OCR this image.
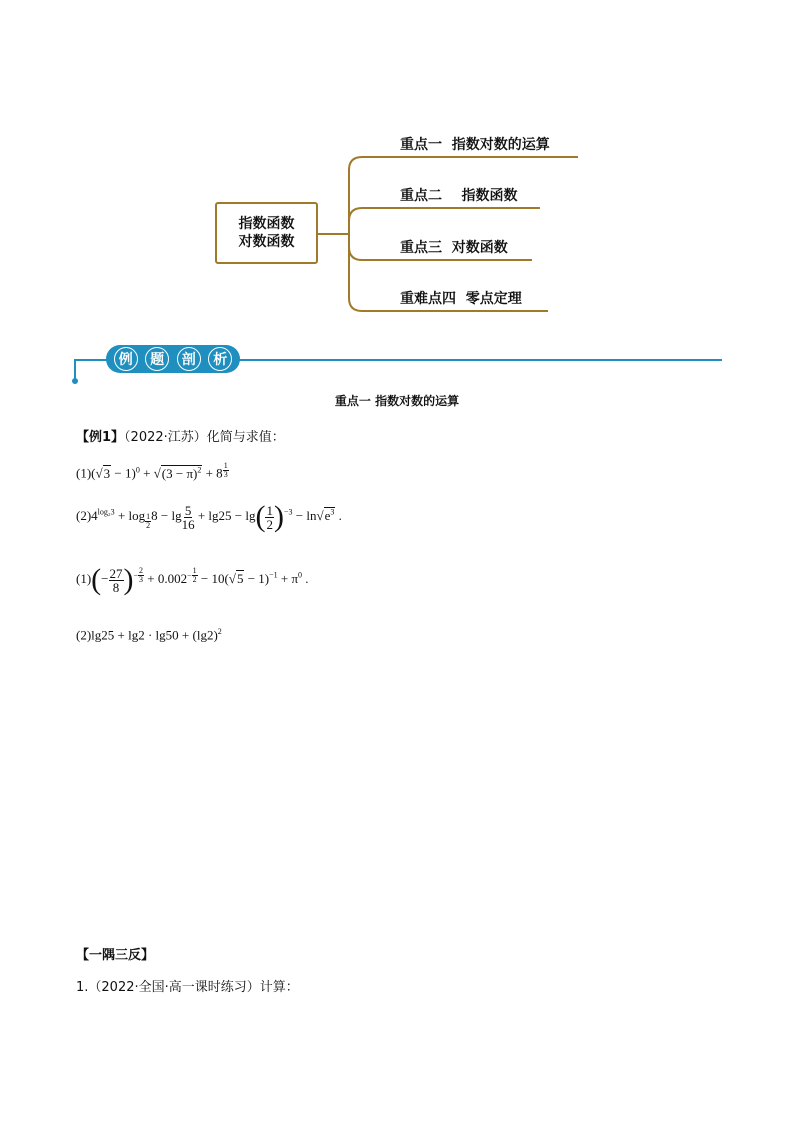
指数函数
对数函数
重点一  指数对数的运算
重点二    指数函数
重点三  对数函数
重难点四  零点定理
例	题	剖	析
重点一 指数对数的运算
【例1】（2022·江苏）化简与求值：
$(1)(√3 - 1)^0 + √(3 - \pi)^2 + 8$ $^{\frac{1}{3}}$
$(2)4^{log_23} + \log _{\frac{1}{2}}$ $8 - \lg \frac{5}{16} + \lg 25 - \lg( \frac{1}{2} )^{-3} - \ln√e^3$ .
$(1)(- \frac{27}{8} )^{- \frac{2}{3}} + 0.002^{- \frac{1}{2}} - 10(√5 - 1)^{-1} + \pi^0$ .
$(2)\lg 25 + \lg 2 \cdot \lg 50 + (\lg 2)^2$
【一隅三反】
1.（2022·全国·高一课时练习）计算：
